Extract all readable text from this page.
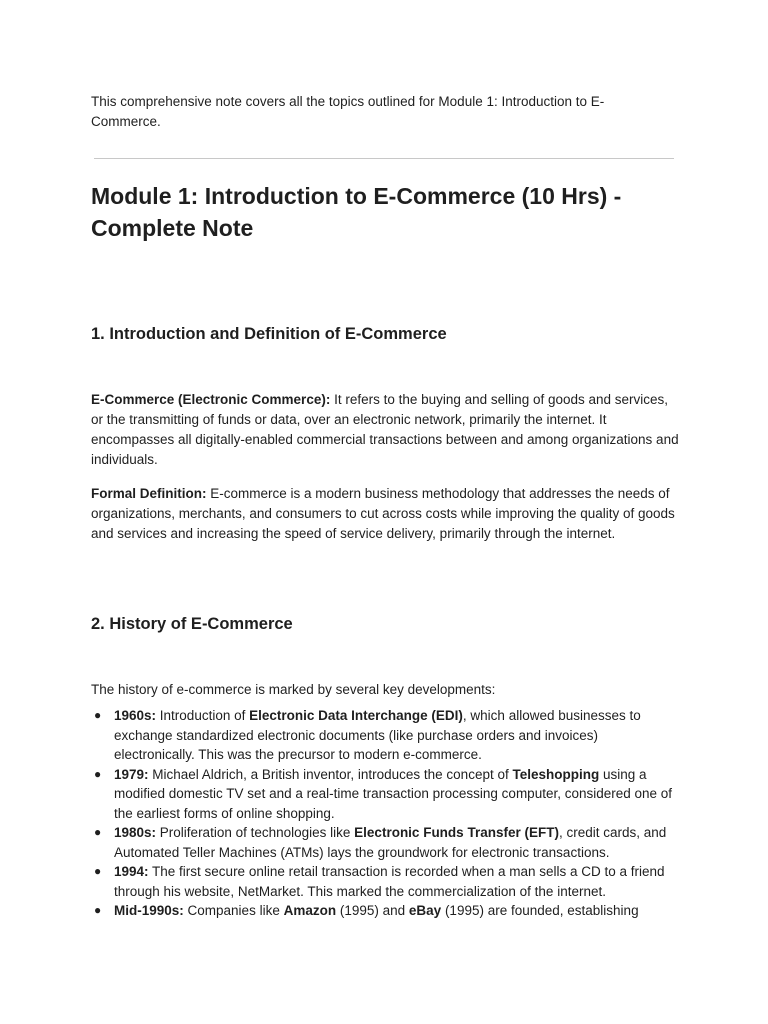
This comprehensive note covers all the topics outlined for Module 1: Introduction to E-Commerce.

Module 1: Introduction to E-Commerce (10 Hrs) - Complete Note
1. Introduction and Definition of E-Commerce

E-Commerce (Electronic Commerce): It refers to the buying and selling of goods and services, or the transmitting of funds or data, over an electronic network, primarily the internet. It encompasses all digitally-enabled commercial transactions between and among organizations and individuals.

Formal Definition: E-commerce is a modern business methodology that addresses the needs of organizations, merchants, and consumers to cut across costs while improving the quality of goods and services and increasing the speed of service delivery, primarily through the internet.

2. History of E-Commerce

The history of e-commerce is marked by several key developments:

● 1960s: Introduction of Electronic Data Interchange (EDI), which allowed businesses to exchange standardized electronic documents (like purchase orders and invoices) electronically. This was the precursor to modern e-commerce.
● 1979: Michael Aldrich, a British inventor, introduces the concept of Teleshopping using a modified domestic TV set and a real-time transaction processing computer, considered one of the earliest forms of online shopping.
● 1980s: Proliferation of technologies like Electronic Funds Transfer (EFT), credit cards, and Automated Teller Machines (ATMs) lays the groundwork for electronic transactions.
● 1994: The first secure online retail transaction is recorded when a man sells a CD to a friend through his website, NetMarket. This marked the commercialization of the internet.
● Mid-1990s: Companies like Amazon (1995) and eBay (1995) are founded, establishing
